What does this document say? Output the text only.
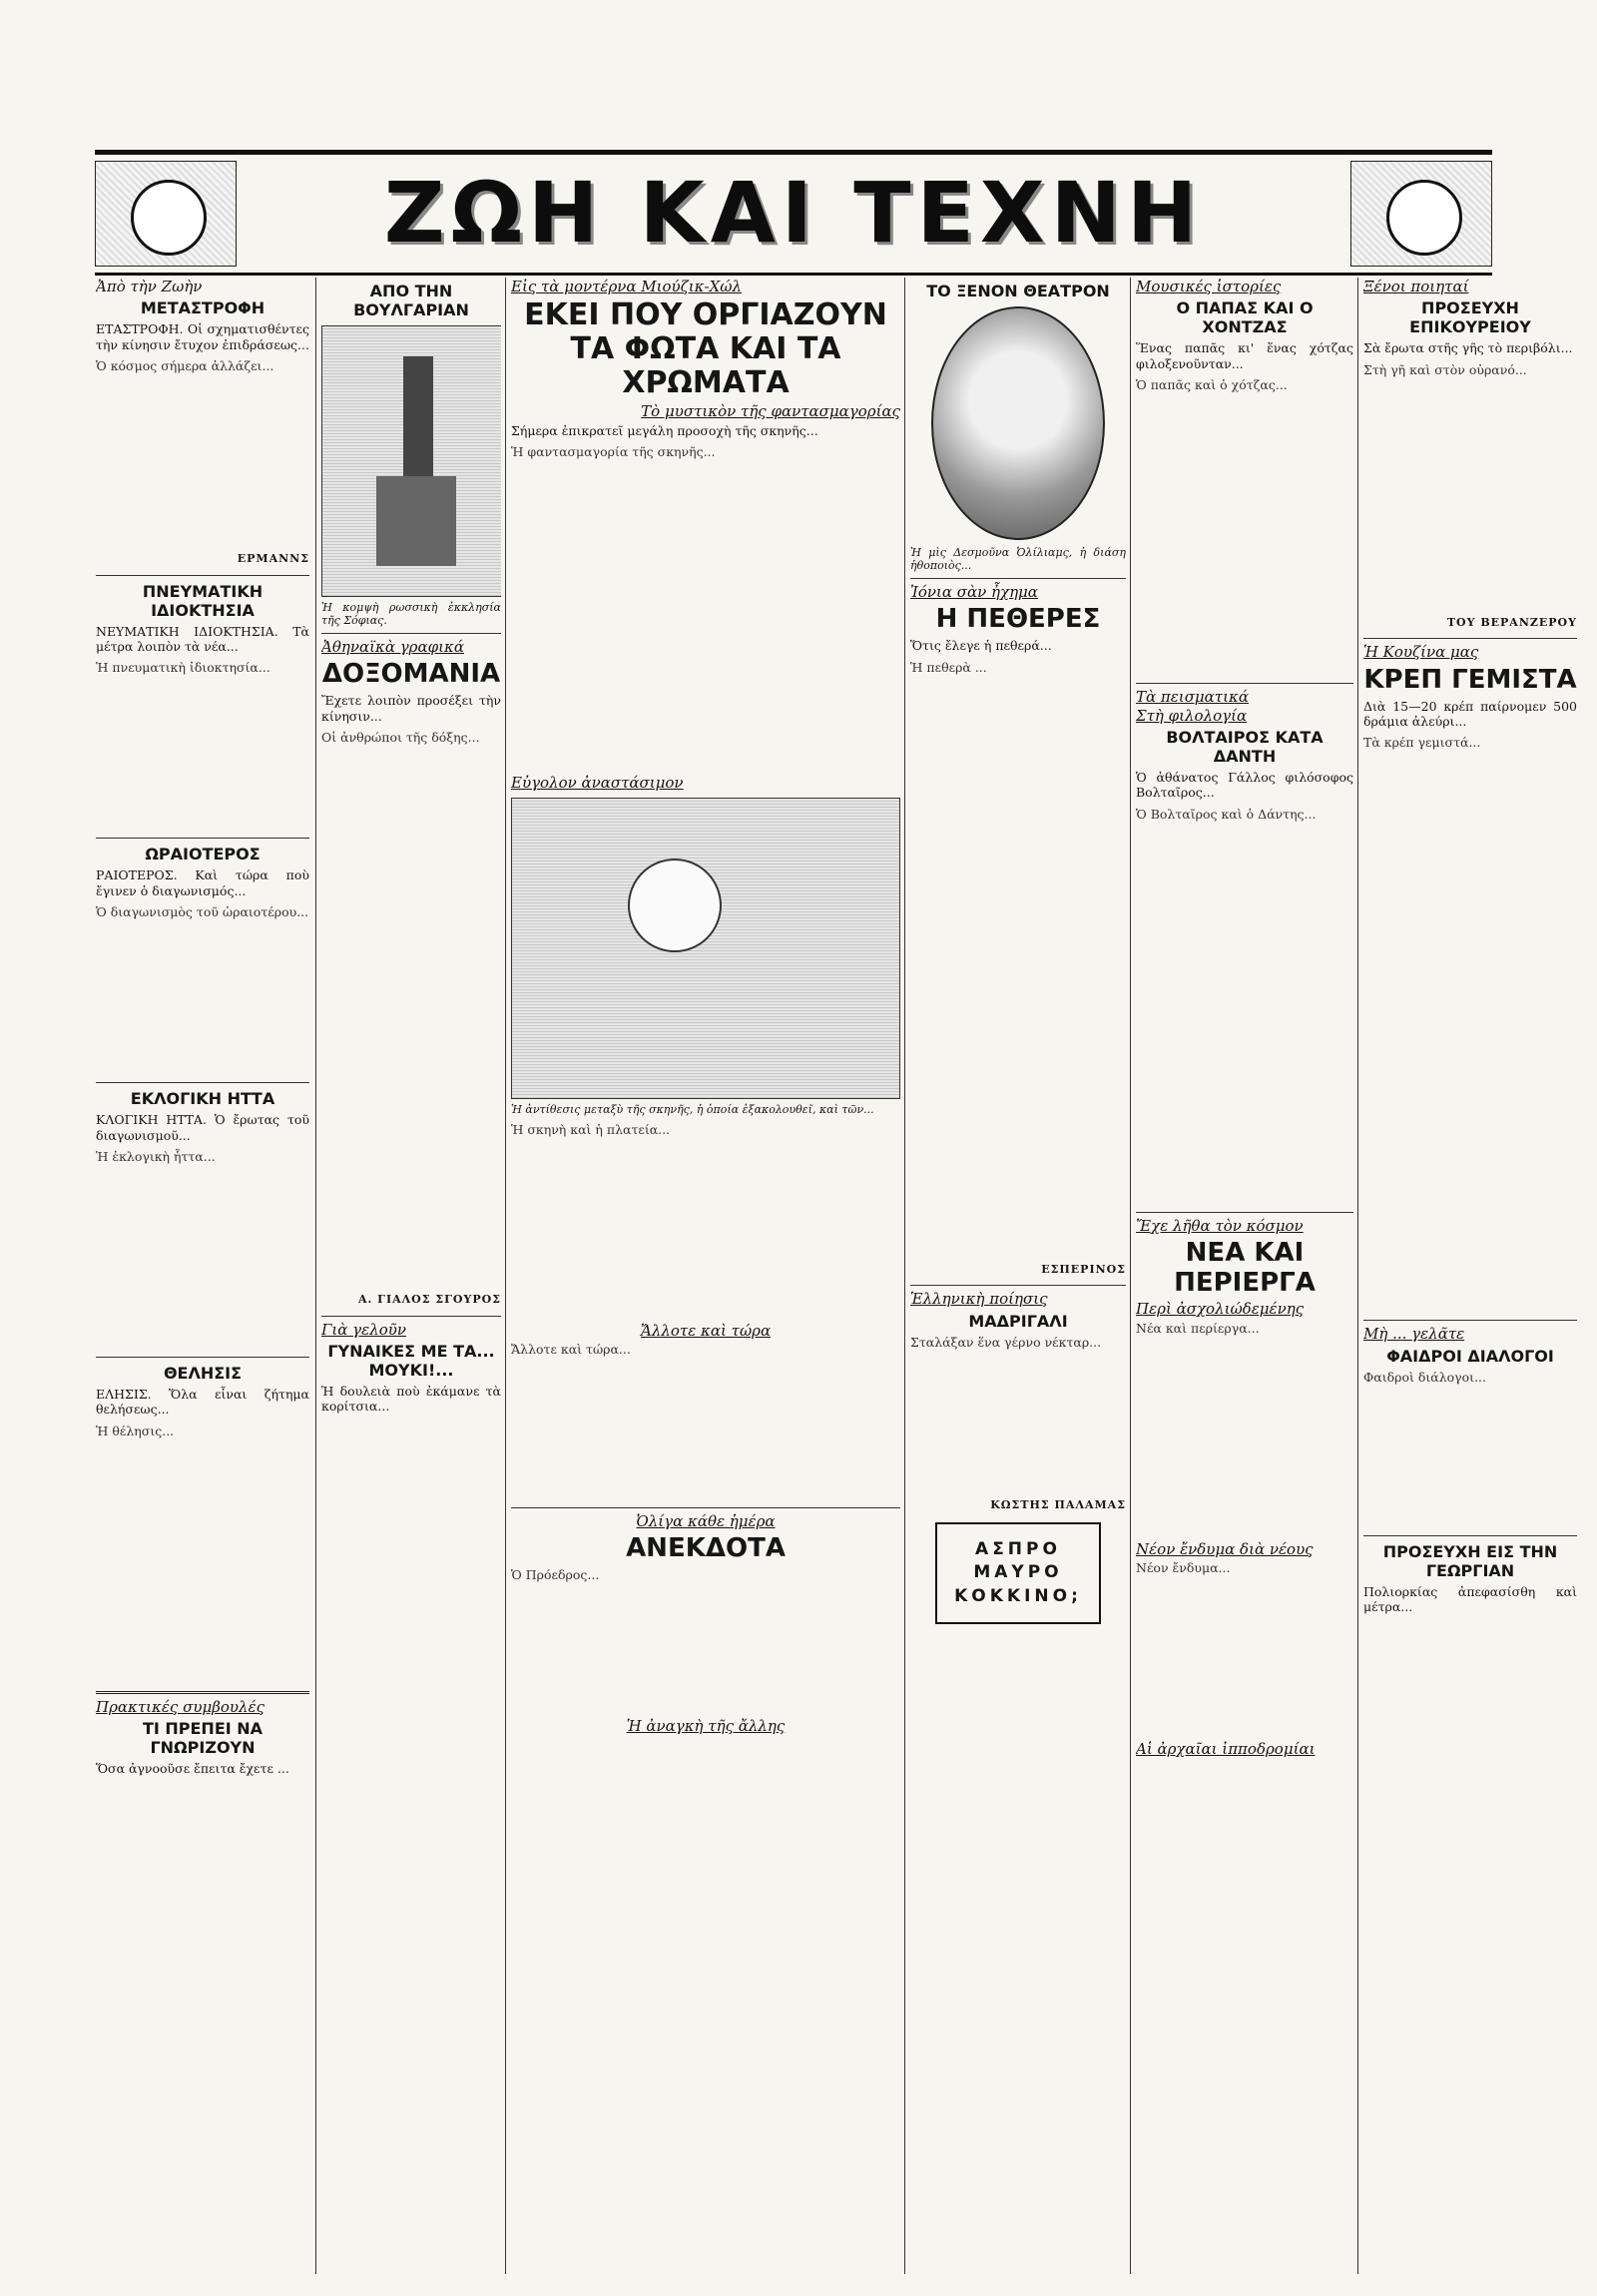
ΖΩΗ ΚΑΙ ΤΕΧΝΗ
Ἀπὸ τὴν Ζωὴν
ΜΕΤΑΣΤΡΟΦΗ

ΕΤΑΣΤΡΟΦΗ. Οἱ σχηματισθέντες τὴν κίνησιν ἔτυχον ἐπιδράσεως...

Ὁ κόσμος σήμερα ἀλλάζει...
ΕΡΜΑΝΝΣ
ΠΝΕΥΜΑΤΙΚΗ ΙΔΙΟΚΤΗΣΙΑ

ΝΕΥΜΑΤΙΚΗ ΙΔΙΟΚΤΗΣΙΑ. Τὰ μέτρα λοιπὸν τὰ νέα...

Ἡ πνευματικὴ ἰδιοκτησία...
ΩΡΑΙΟΤΕΡΟΣ

ΡΑΙΟΤΕΡΟΣ. Καὶ τώρα ποὺ ἔγινεν ὁ διαγωνισμός...

Ὁ διαγωνισμὸς τοῦ ὡραιοτέρου...
ΕΚΛΟΓΙΚΗ ΗΤΤΑ

ΚΛΟΓΙΚΗ ΗΤΤΑ. Ὁ ἔρωτας τοῦ διαγωνισμοῦ...

Ἡ ἐκλογικὴ ἧττα...
ΘΕΛΗΣΙΣ

ΕΛΗΣΙΣ. Ὅλα εἶναι ζήτημα θελήσεως...

Ἡ θέλησις...
Πρακτικές συμβουλές
ΤΙ ΠΡΕΠΕΙ ΝΑ ΓΝΩΡΙΖΟΥΝ

Ὅσα ἀγνοοῦσε ἔπειτα ἔχετε ...

ΑΠΟ ΤΗΝ ΒΟΥΛΓΑΡΙΑΝ
Ἡ κομψὴ ρωσσικὴ ἐκκλησία τῆς Σόφιας.
Ἀθηναϊκὰ γραφικά
ΔΟΞΟΜΑΝΙΑ

Ἔχετε λοιπὸν προσέξει τὴν κίνησιν...

Οἱ ἀνθρώποι τῆς δόξης...
Α. ΓΙΑΛΟΣ ΣΓΟΥΡΟΣ
Γιὰ γελοῦν
ΓΥΝΑΙΚΕΣ ΜΕ ΤΑ... ΜΟΥΚΙ!...

Ἡ δουλειὰ ποὺ ἐκάμανε τὰ κορίτσια...

Εἰς τὰ μοντέρνα Μιούζικ-Χώλ
ΕΚΕΙ ΠΟΥ ΟΡΓΙΑΖΟΥΝ ΤΑ ΦΩΤΑ ΚΑΙ ΤΑ ΧΡΩΜΑΤΑ
Τὸ μυστικὸν τῆς φαντασμαγορίας

Σήμερα ἐπικρατεῖ μεγάλη προσοχὴ τῆς σκηνῆς...

Ἡ φαντασμαγορία τῆς σκηνῆς...
Εὐγολον ἀναστάσιμον
Ἡ ἀντίθεσις μεταξὺ τῆς σκηνῆς, ἡ ὁποία ἐξακολουθεῖ, καὶ τῶν...
Ἡ σκηνὴ καὶ ἡ πλατεία...
Ἄλλοτε καὶ τώρα
Ἄλλοτε καὶ τώρα...
Ὀλίγα κάθε ἡμέρα
ΑΝΕΚΔΟΤΑ
Ὁ Πρόεδρος...
Ἡ ἀναγκὴ τῆς ἄλλης
ΤΟ ΞΕΝΟΝ ΘΕΑΤΡΟΝ
Ἡ μὶς Δεσμοῦνα Ὀλίλιαμς, ἡ διάση ἡθοποιὸς...
Ἰόνια σὰν ἦχημα
Η ΠΕΘΕΡΕΣ

Ὅτις ἔλεγε ἡ πεθερά...

Ἡ πεθερὰ ...
ΕΣΠΕΡΙΝΟΣ
Ἑλληνικὴ ποίησις
ΜΑΔΡΙΓΑΛΙ
Σταλάξαν ἕνα γέρνο νέκταρ...
ΚΩΣΤΗΣ ΠΑΛΑΜΑΣ
ΑΣΠΡΟ
ΜΑΥΡΟ
ΚΟΚΚΙΝΟ;
Μουσικές ἱστορίες
Ο ΠΑΠΑΣ ΚΑΙ Ο ΧΟΝΤΖΑΣ

Ἕνας παπᾶς κι' ἕνας χότζας φιλοξενοῦνταν...

Ὁ παπᾶς καὶ ὁ χότζας...
Τὰ πεισματικά
Στὴ φιλολογία
ΒΟΛΤΑΙΡΟΣ ΚΑΤΑ ΔΑΝΤΗ

Ὁ ἀθάνατος Γάλλος φιλόσοφος Βολταῖρος...

Ὁ Βολταῖρος καὶ ὁ Δάντης...
Ἔχε λῆθα τὸν κόσμον
ΝΕΑ ΚΑΙ ΠΕΡΙΕΡΓΑ
Περὶ ἀσχολιώδεμένης
Νέα καὶ περίεργα...
Νέον ἔνδυμα διὰ νέους
Νέον ἔνδυμα...
Αἱ ἀρχαῖαι ἱπποδρομίαι
Ξένοι ποιηταί
ΠΡΟΣΕΥΧΗ ΕΠΙΚΟΥΡΕΙΟΥ

Σὰ ἔρωτα στῆς γῆς τὸ περιβόλι...

Στὴ γῆ καὶ στὸν οὐρανό...
ΤΟΥ ΒΕΡΑΝΖΕΡΟΥ
Ἡ Κουζίνα μας
ΚΡΕΠ ΓΕΜΙΣΤΑ

Διὰ 15—20 κρέπ παίρνομεν 500 δράμια ἀλεύρι...

Τὰ κρέπ γεμιστά...
Μὴ ... γελᾶτε
ΦΑΙΔΡΟΙ ΔΙΑΛΟΓΟΙ
Φαιδροὶ διάλογοι...
ΠΡΟΣΕΥΧΗ ΕΙΣ ΤΗΝ ΓΕΩΡΓΙΑΝ

Πολιορκίας ἀπεφασίσθη καὶ μέτρα...
